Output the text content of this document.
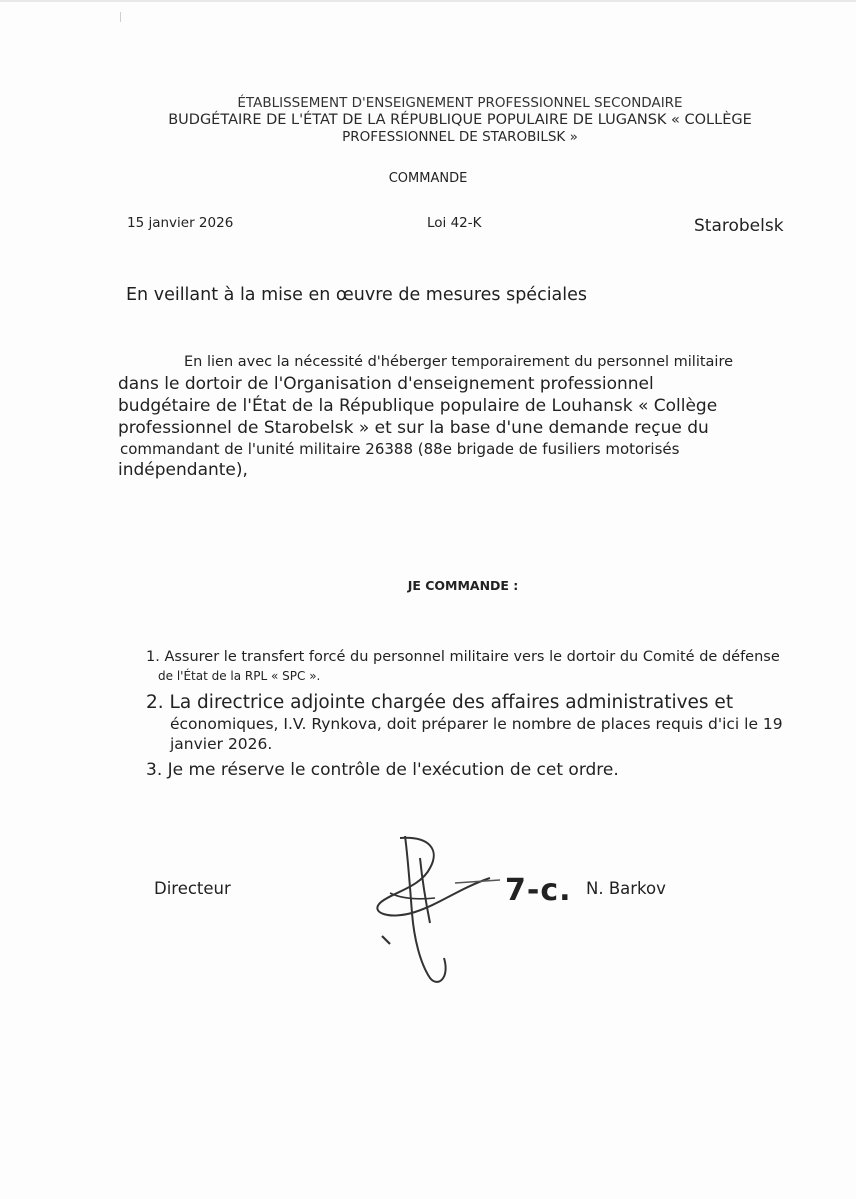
ÉTABLISSEMENT D'ENSEIGNEMENT PROFESSIONNEL SECONDAIRE
BUDGÉTAIRE DE L'ÉTAT DE LA RÉPUBLIQUE POPULAIRE DE LUGANSK « COLLÈGE
PROFESSIONNEL DE STAROBILSK »
COMMANDE
15 janvier 2026	Loi 42-K	Starobelsk
En veillant à la mise en œuvre de mesures spéciales
En lien avec la nécessité d'héberger temporairement du personnel militaire
dans le dortoir de l'Organisation d'enseignement professionnel
budgétaire de l'État de la République populaire de Louhansk « Collège
professionnel de Starobelsk » et sur la base d'une demande reçue du
commandant de l'unité militaire 26388 (88e brigade de fusiliers motorisés
indépendante),
JE COMMANDE :
1. Assurer le transfert forcé du personnel militaire vers le dortoir du Comité de défense
de l'État de la RPL « SPC ».
2. La directrice adjointe chargée des affaires administratives et
économiques, I.V. Rynkova, doit préparer le nombre de places requis d'ici le 19 janvier 2026.
3. Je me réserve le contrôle de l'exécution de cet ordre.
Directeur	7-c. N. Barkov
